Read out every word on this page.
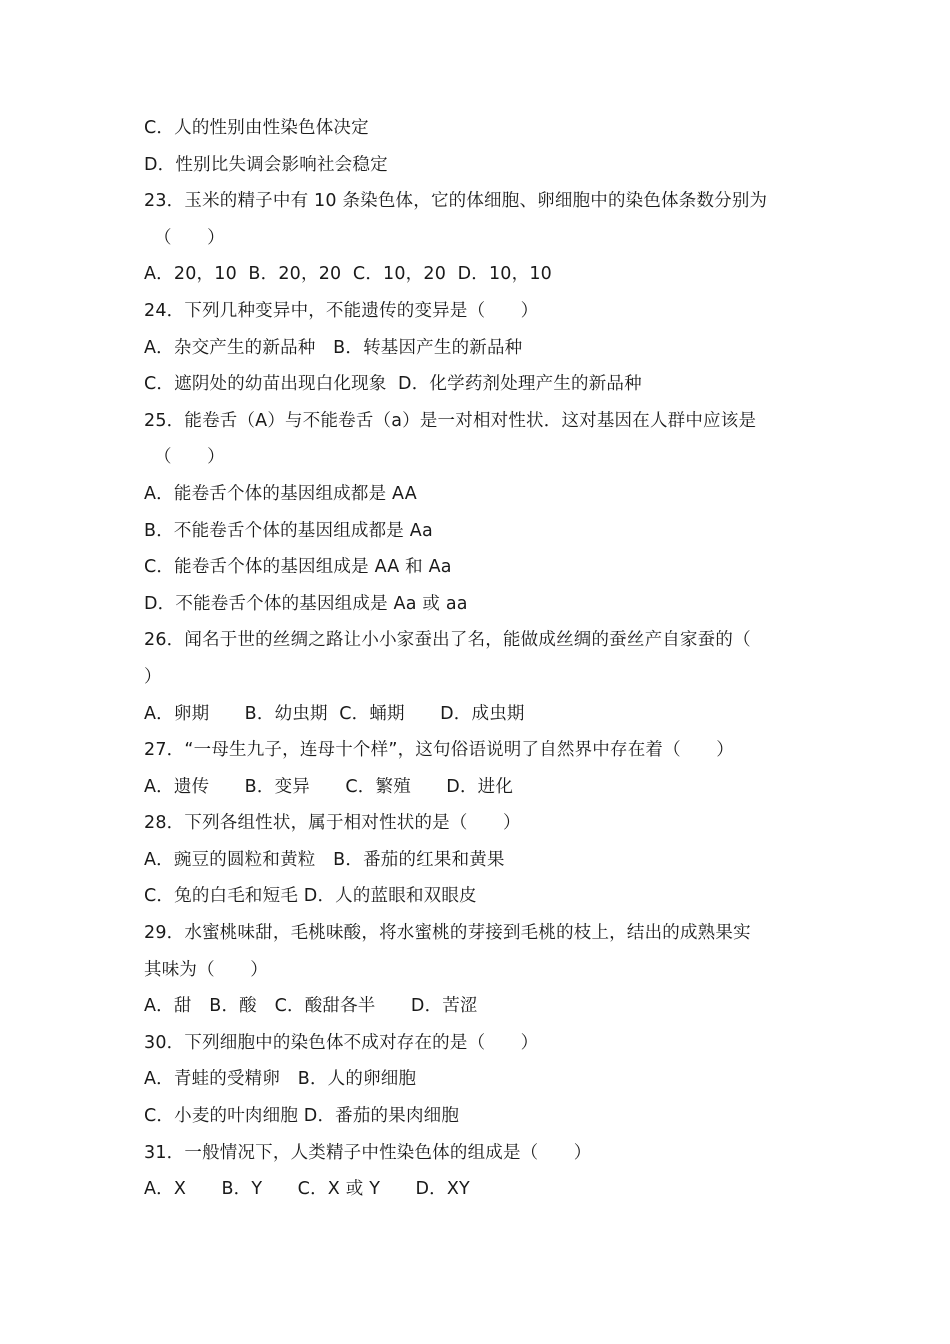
C．人的性别由性染色体决定
D．性别比失调会影响社会稳定
23．玉米的精子中有 10 条染色体，它的体细胞、卵细胞中的染色体条数分别为
（　　）
A．20，10  B．20，20  C．10，20  D．10，10
24．下列几种变异中，不能遗传的变异是（　　）
A．杂交产生的新品种　B．转基因产生的新品种
C．遮阴处的幼苗出现白化现象  D．化学药剂处理产生的新品种
25．能卷舌（A）与不能卷舌（a）是一对相对性状．这对基因在人群中应该是
（　　）
A．能卷舌个体的基因组成都是 AA
B．不能卷舌个体的基因组成都是 Aa
C．能卷舌个体的基因组成是 AA 和 Aa
D．不能卷舌个体的基因组成是 Aa 或 aa
26．闻名于世的丝绸之路让小小家蚕出了名，能做成丝绸的蚕丝产自家蚕的（
）
A．卵期　　B．幼虫期  C．蛹期　　D．成虫期
27．“一母生九子，连母十个样”，这句俗语说明了自然界中存在着（　　）
A．遗传　　B．变异　　C．繁殖　　D．进化
28．下列各组性状，属于相对性状的是（　　）
A．豌豆的圆粒和黄粒　B．番茄的红果和黄果
C．兔的白毛和短毛 D．人的蓝眼和双眼皮
29．水蜜桃味甜，毛桃味酸，将水蜜桃的芽接到毛桃的枝上，结出的成熟果实
其味为（　　）
A．甜　B．酸　C．酸甜各半　　D．苦涩
30．下列细胞中的染色体不成对存在的是（　　）
A．青蛙的受精卵　B．人的卵细胞
C．小麦的叶肉细胞 D．番茄的果肉细胞
31．一般情况下，人类精子中性染色体的组成是（　　）
A．X　　B．Y　　C．X 或 Y　　D．XY
